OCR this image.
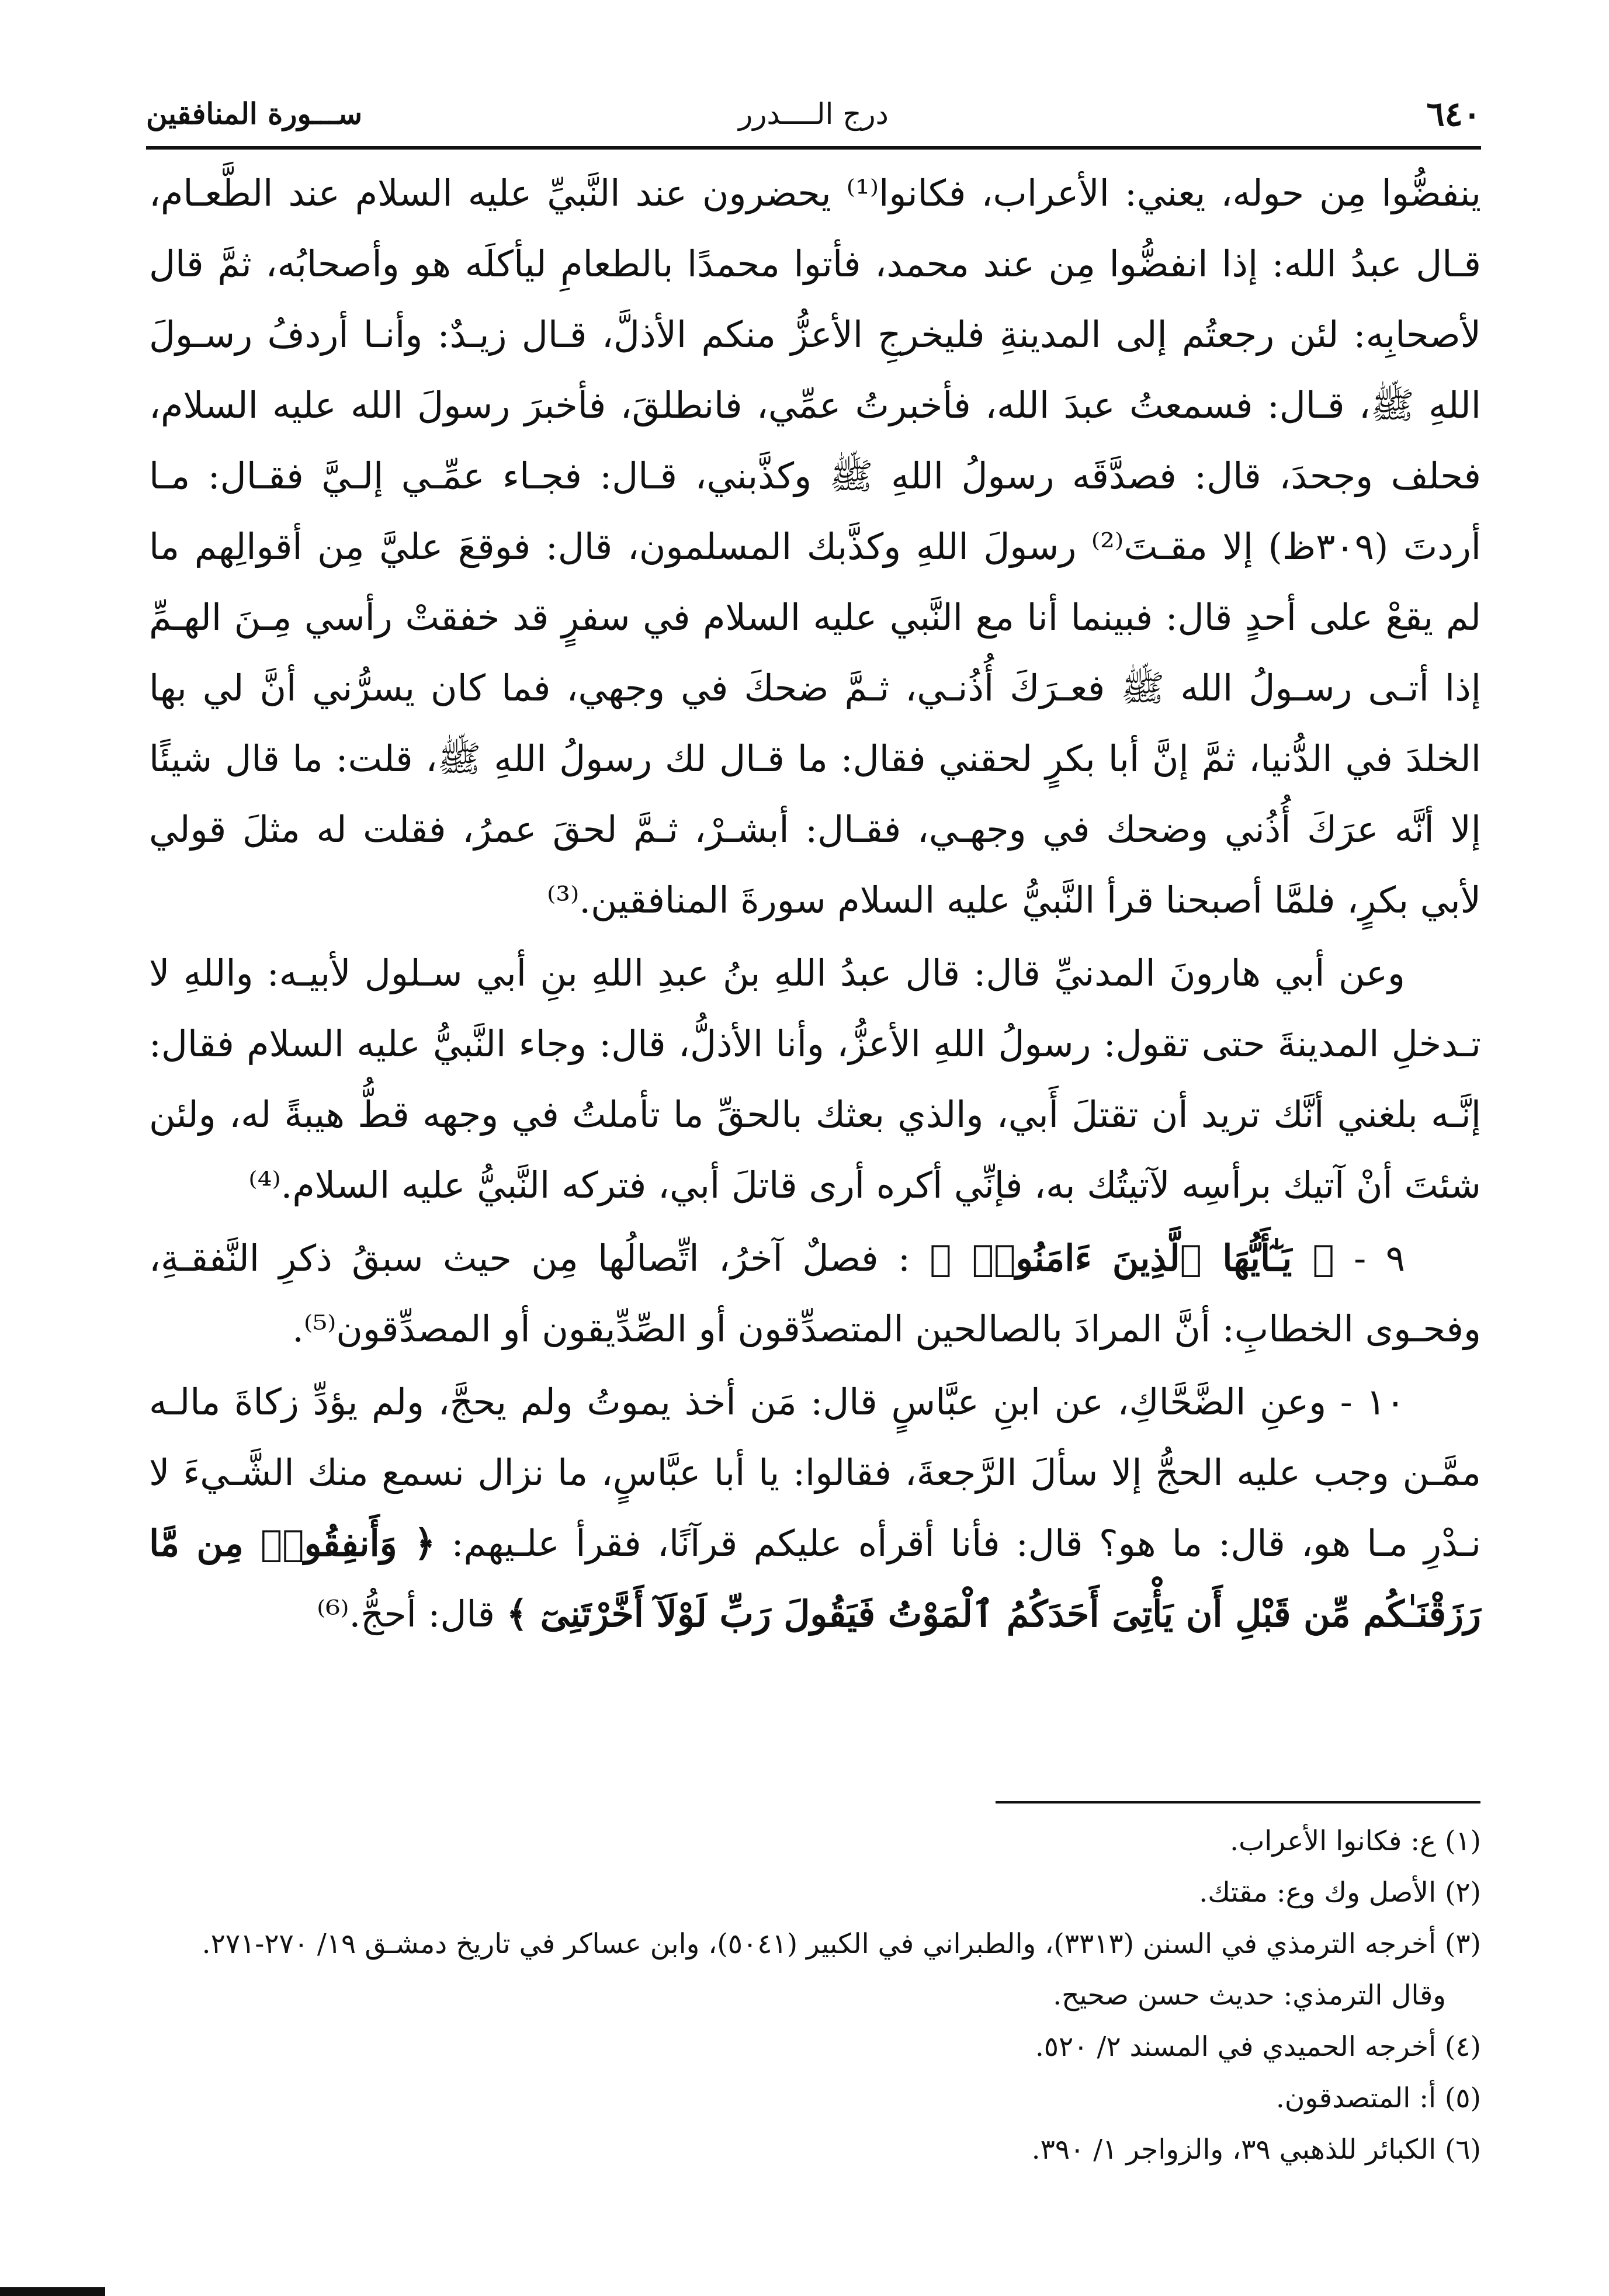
٦٤٠
درج الــــدرر
ســـورة المنافقين

ينفضُّوا مِن حوله، يعني: الأعراب، فكانوا⁽¹⁾ يحضرون عند النَّبيِّ عليه السلام عند الطَّعـام، قـال عبدُ الله: إذا انفضُّوا مِن عند محمد، فأتوا محمدًا بالطعامِ ليأكلَه هو وأصحابُه، ثمَّ قال لأصحابِه: لئن رجعتُم إلى المدينةِ فليخرجِ الأعزُّ منكم الأذلَّ، قـال زيـدٌ: وأنـا أردفُ رسـولَ اللهِ ﷺ، قـال: فسمعتُ عبدَ الله، فأخبرتُ عمِّي، فانطلقَ، فأخبرَ رسولَ الله عليه السلام، فحلف وجحدَ، قال: فصدَّقَه رسولُ اللهِ ﷺ وكذَّبني، قـال: فجـاء عمِّـي إلـيَّ فقـال: مـا أردتَ (٣٠٩ظ) إلا مقـتَ⁽²⁾ رسولَ اللهِ وكذَّبك المسلمون، قال: فوقعَ عليَّ مِن أقوالِهم ما لم يقعْ على أحدٍ قال: فبينما أنا مع النَّبي عليه السلام في سفرٍ قد خفقتْ رأسي مِـنَ الهـمِّ إذا أتـى رسـولُ الله ﷺ فعـرَكَ أُذُنـي، ثـمَّ ضحكَ في وجهي، فما كان يسرُّني أنَّ لي بها الخلدَ في الدُّنيا، ثمَّ إنَّ أبا بكرٍ لحقني فقال: ما قـال لك رسولُ اللهِ ﷺ، قلت: ما قال شيئًا إلا أنَّه عرَكَ أُذُني وضحك في وجهـي، فقـال: أبشـرْ، ثـمَّ لحقَ عمرُ، فقلت له مثلَ قولي لأبي بكرٍ، فلمَّا أصبحنا قرأ النَّبيُّ عليه السلام سورةَ المنافقين.⁽³⁾

وعن أبي هارونَ المدنيِّ قال: قال عبدُ اللهِ بنُ عبدِ اللهِ بنِ أبي سـلول لأبيـه: واللهِ لا تـدخلِ المدينةَ حتى تقول: رسولُ اللهِ الأعزُّ، وأنا الأذلُّ، قال: وجاء النَّبيُّ عليه السلام فقال: إنَّـه بلغني أنَّك تريد أن تقتلَ أَبي، والذي بعثك بالحقِّ ما تأملتُ في وجهه قطُّ هيبةً له، ولئن شئتَ أنْ آتيك برأسِه لآتيتُك به، فإنِّي أكره أرى قاتلَ أبي، فتركه النَّبيُّ عليه السلام.⁽⁴⁾

٩ - ﴿ يَـٰٓأَيُّهَا ٱلَّذِينَ ءَامَنُوا۟ ﴾ : فصلٌ آخرُ، اتِّصالُها مِن حيث سبقُ ذكرِ النَّفقـةِ، وفحـوى الخطابِ: أنَّ المرادَ بالصالحين المتصدِّقون أو الصِّدِّيقون أو المصدِّقون⁽⁵⁾.

١٠ - وعنِ الضَّحَّاكِ، عن ابنِ عبَّاسٍ قال: مَن أخذ يموتُ ولم يحجَّ، ولم يؤدِّ زكاةَ مالـه ممَّـن وجب عليه الحجُّ إلا سألَ الرَّجعةَ، فقالوا: يا أبا عبَّاسٍ، ما نزال نسمع منك الشَّـيءَ لا نـدْرِ مـا هو، قال: ما هو؟ قال: فأنا أقرأه عليكم قرآنًا، فقرأ علـيهم: ﴿ وَأَنفِقُوا۟ مِن مَّا رَزَقْنَـٰكُم مِّن قَبْلِ أَن يَأْتِىَ أَحَدَكُمُ ٱلْمَوْتُ فَيَقُولَ رَبِّ لَوْلَآ أَخَّرْتَنِىٓ ﴾ قال: أحجُّ.⁽⁶⁾

(١) ع: فكانوا الأعراب.

(٢) الأصل وك وع: مقتك.

(٣) أخرجه الترمذي في السنن (٣٣١٣)، والطبراني في الكبير (٥٠٤١)، وابن عساكر في تاريخ دمشـق ١٩/ ٢٧٠-٢٧١.

وقال الترمذي: حديث حسن صحيح.

(٤) أخرجه الحميدي في المسند ٢/ ٥٢٠.

(٥) أ: المتصدقون.

(٦) الكبائر للذهبي ٣٩، والزواجر ١/ ٣٩٠.
